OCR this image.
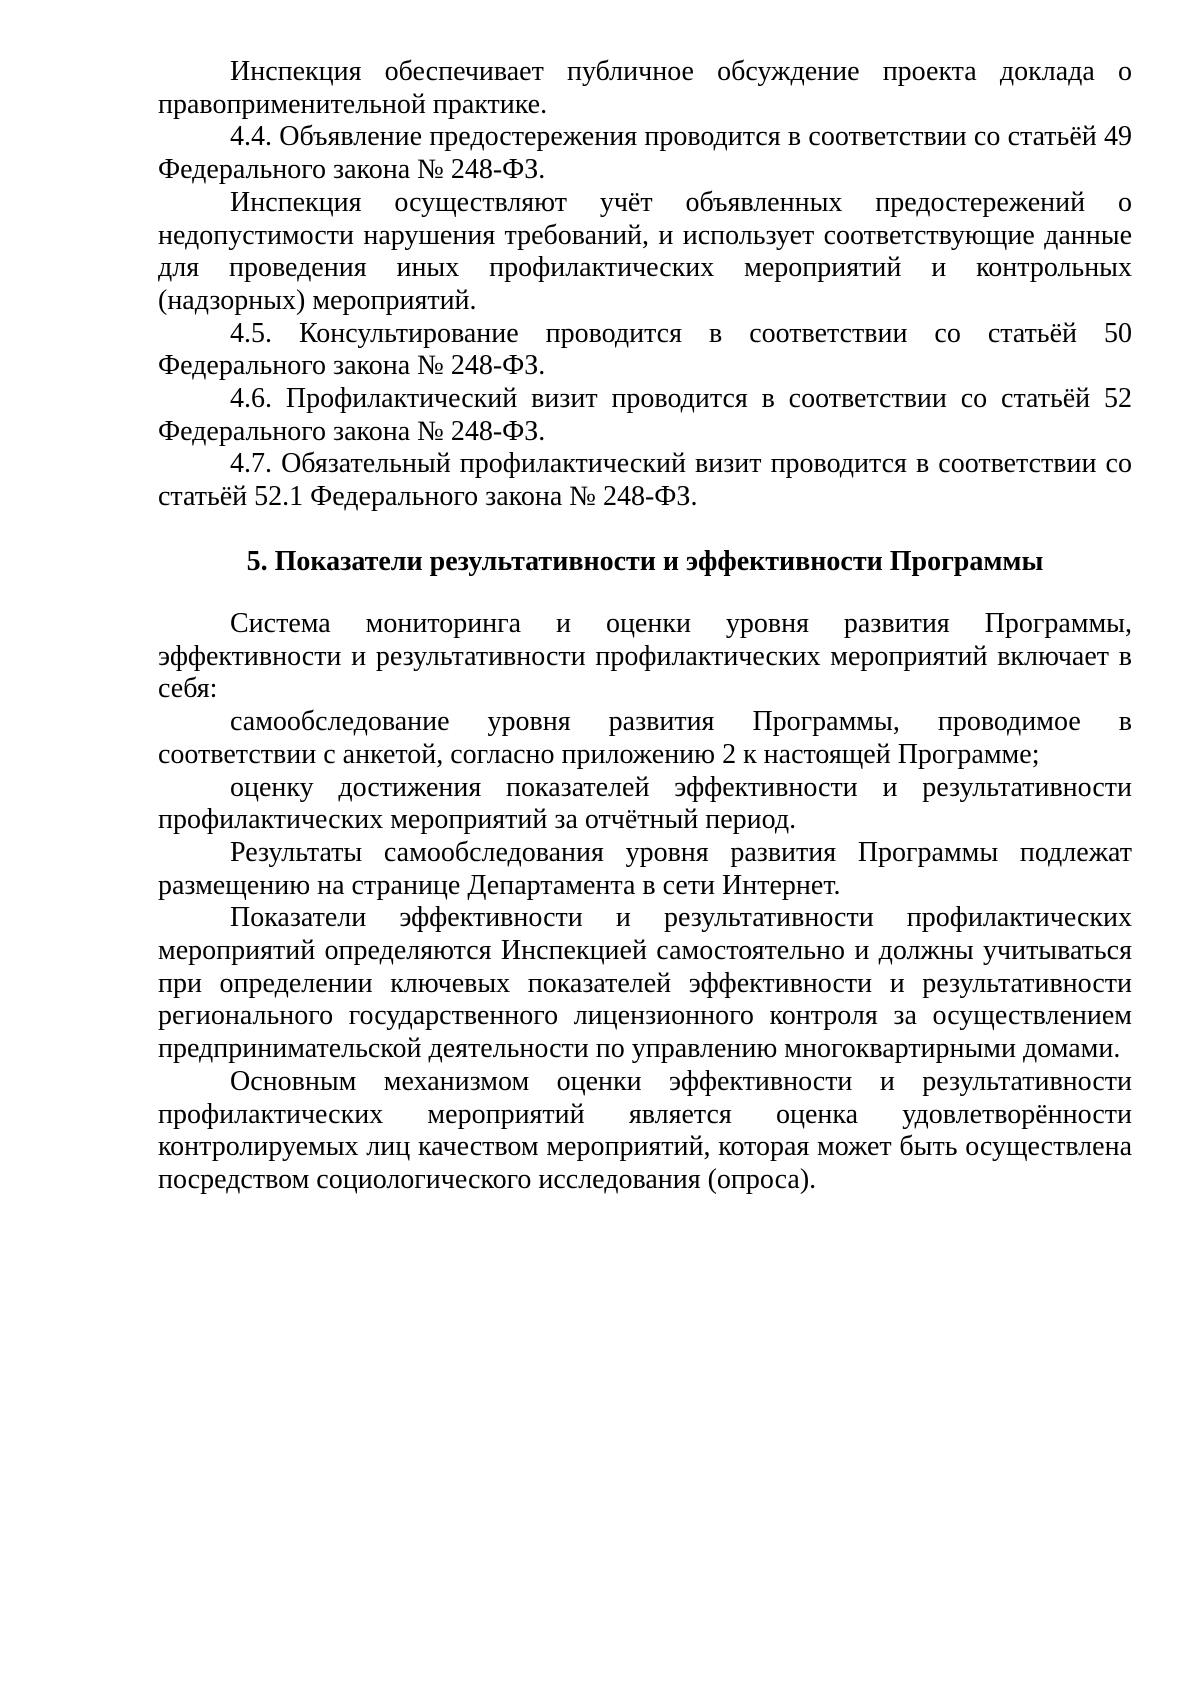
Инспекция обеспечивает публичное обсуждение проекта доклада о правоприменительной практике.

4.4. Объявление предостережения проводится в соответствии со статьёй 49 Федерального закона № 248-ФЗ.

Инспекция осуществляют учёт объявленных предостережений о недопустимости нарушения требований, и использует соответствующие данные для проведения иных профилактических мероприятий и контрольных (надзорных) мероприятий.

4.5. Консультирование проводится в соответствии со статьёй 50 Федерального закона № 248-ФЗ.

4.6. Профилактический визит проводится в соответствии со статьёй 52 Федерального закона № 248-ФЗ.

4.7. Обязательный профилактический визит проводится в соответствии со статьёй 52.1 Федерального закона № 248-ФЗ.

5. Показатели результативности и эффективности Программы

Система мониторинга и оценки уровня развития Программы, эффективности и результативности профилактических мероприятий включает в себя:

самообследование уровня развития Программы, проводимое в соответствии с анкетой, согласно приложению 2 к настоящей Программе;

оценку достижения показателей эффективности и результативности профилактических мероприятий за отчётный период.

Результаты самообследования уровня развития Программы подлежат размещению на странице Департамента в сети Интернет.

Показатели эффективности и результативности профилактических мероприятий определяются Инспекцией самостоятельно и должны учитываться при определении ключевых показателей эффективности и результативности регионального государственного лицензионного контроля за осуществлением предпринимательской деятельности по управлению многоквартирными домами.

Основным механизмом оценки эффективности и результативности профилактических мероприятий является оценка удовлетворённости контролируемых лиц качеством мероприятий, которая может быть осуществлена посредством социологического исследования (опроса).
